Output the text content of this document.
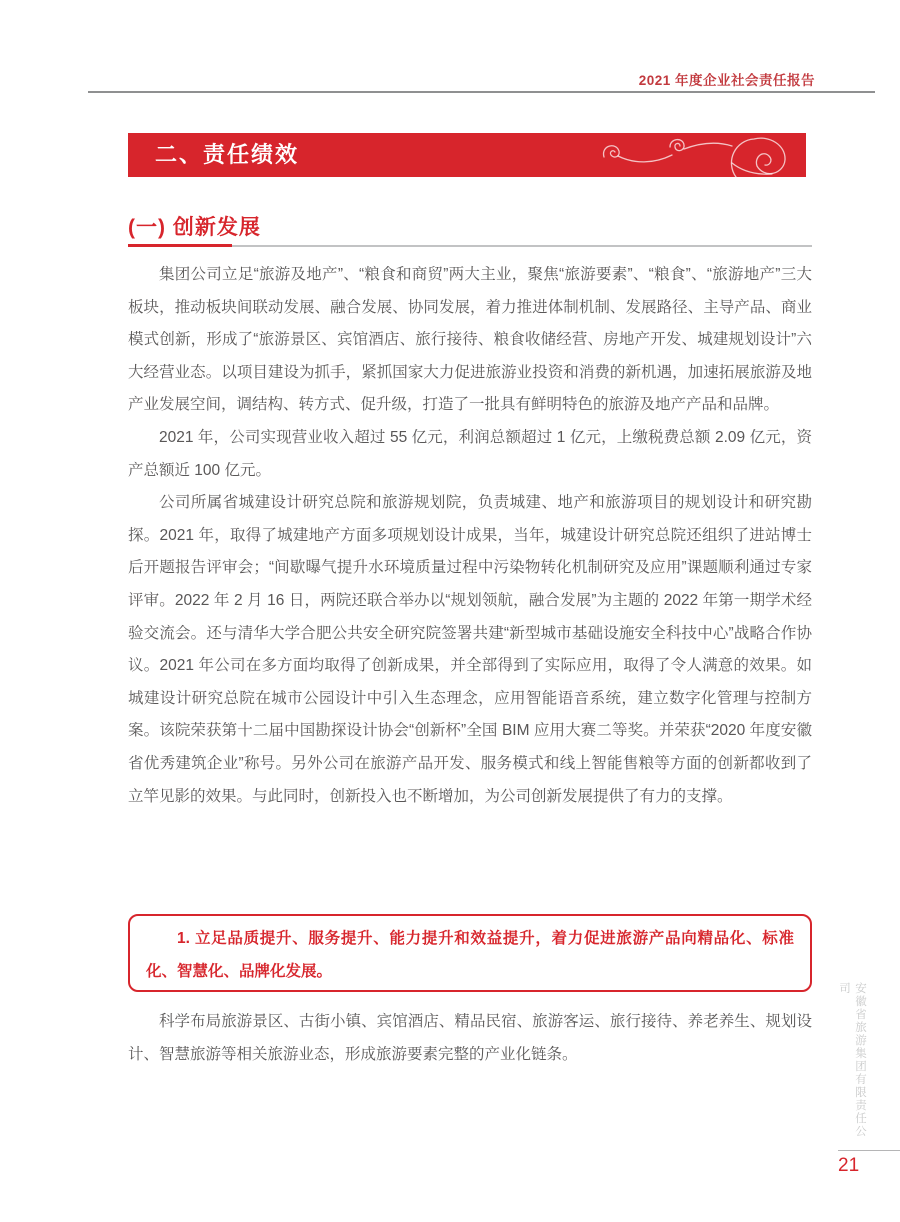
2021 年度企业社会责任报告
二、责任绩效
(一) 创新发展

集团公司立足“旅游及地产”、“粮食和商贸”两大主业，聚焦“旅游要素”、“粮食”、“旅游地产”三大板块，推动板块间联动发展、融合发展、协同发展，着力推进体制机制、发展路径、主导产品、商业模式创新，形成了“旅游景区、宾馆酒店、旅行接待、粮食收储经营、房地产开发、城建规划设计”六大经营业态。以项目建设为抓手，紧抓国家大力促进旅游业投资和消费的新机遇，加速拓展旅游及地产业发展空间，调结构、转方式、促升级，打造了一批具有鲜明特色的旅游及地产产品和品牌。

2021 年，公司实现营业收入超过 55 亿元，利润总额超过 1 亿元，上缴税费总额 2.09 亿元，资产总额近 100 亿元。

公司所属省城建设计研究总院和旅游规划院，负责城建、地产和旅游项目的规划设计和研究勘探。2021 年，取得了城建地产方面多项规划设计成果，当年，城建设计研究总院还组织了进站博士后开题报告评审会；“间歇曝气提升水环境质量过程中污染物转化机制研究及应用”课题顺利通过专家评审。2022 年 2 月 16 日，两院还联合举办以“规划领航，融合发展”为主题的 2022 年第一期学术经验交流会。还与清华大学合肥公共安全研究院签署共建“新型城市基础设施安全科技中心”战略合作协议。2021 年公司在多方面均取得了创新成果，并全部得到了实际应用，取得了令人满意的效果。如城建设计研究总院在城市公园设计中引入生态理念，应用智能语音系统，建立数字化管理与控制方案。该院荣获第十二届中国勘探设计协会“创新杯”全国 BIM 应用大赛二等奖。并荣获“2020 年度安徽省优秀建筑企业”称号。另外公司在旅游产品开发、服务模式和线上智能售粮等方面的创新都收到了立竿见影的效果。与此同时，创新投入也不断增加，为公司创新发展提供了有力的支撑。

1. 立足品质提升、服务提升、能力提升和效益提升，着力促进旅游产品向精品化、标准化、智慧化、品牌化发展。

科学布局旅游景区、古街小镇、宾馆酒店、精品民宿、旅游客运、旅行接待、养老养生、规划设计、智慧旅游等相关旅游业态，形成旅游要素完整的产业化链条。	安徽省旅游集团有限责任公司
21
